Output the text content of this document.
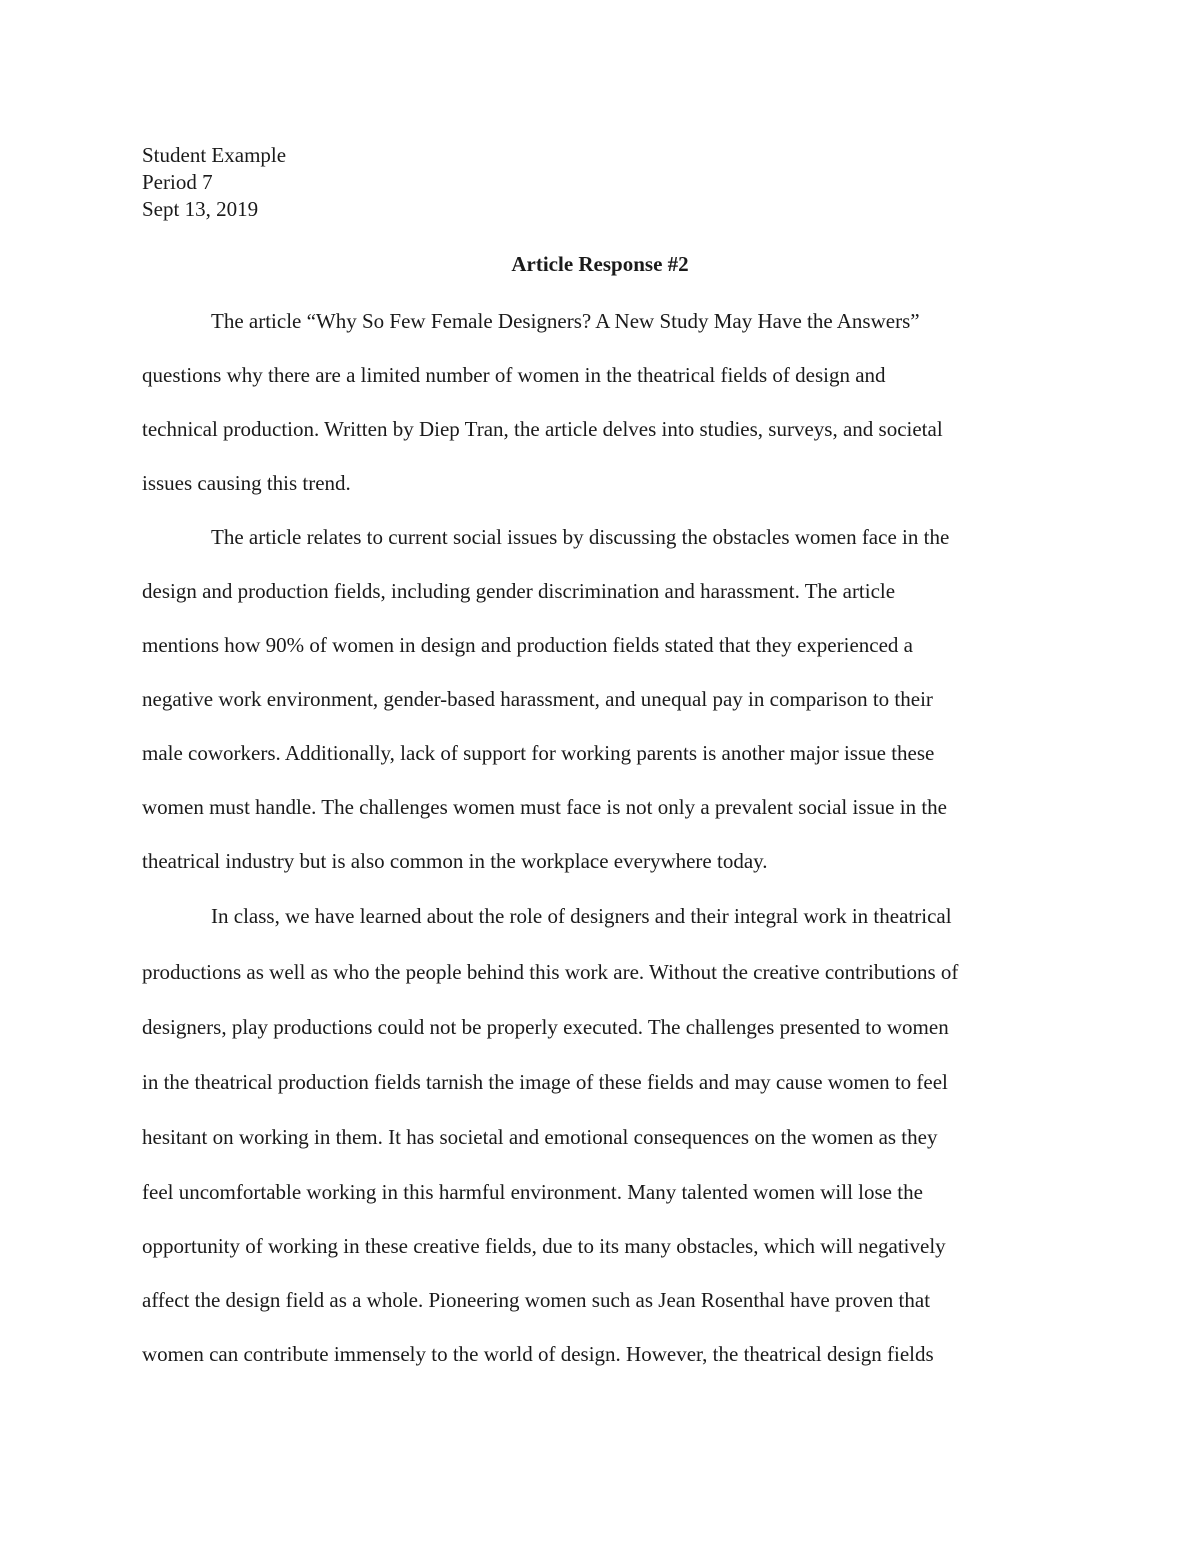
Student Example
Period 7
Sept 13, 2019
Article Response #2
The article “Why So Few Female Designers? A New Study May Have the Answers”
questions why there are a limited number of women in the theatrical fields of design and
technical production. Written by Diep Tran, the article delves into studies, surveys, and societal
issues causing this trend.
The article relates to current social issues by discussing the obstacles women face in the
design and production fields, including gender discrimination and harassment. The article
mentions how 90% of women in design and production fields stated that they experienced a
negative work environment, gender-based harassment, and unequal pay in comparison to their
male coworkers. Additionally, lack of support for working parents is another major issue these
women must handle. The challenges women must face is not only a prevalent social issue in the
theatrical industry but is also common in the workplace everywhere today.
In class, we have learned about the role of designers and their integral work in theatrical
productions as well as who the people behind this work are. Without the creative contributions of
designers, play productions could not be properly executed. The challenges presented to women
in the theatrical production fields tarnish the image of these fields and may cause women to feel
hesitant on working in them. It has societal and emotional consequences on the women as they
feel uncomfortable working in this harmful environment. Many talented women will lose the
opportunity of working in these creative fields, due to its many obstacles, which will negatively
affect the design field as a whole. Pioneering women such as Jean Rosenthal have proven that
women can contribute immensely to the world of design. However, the theatrical design fields
